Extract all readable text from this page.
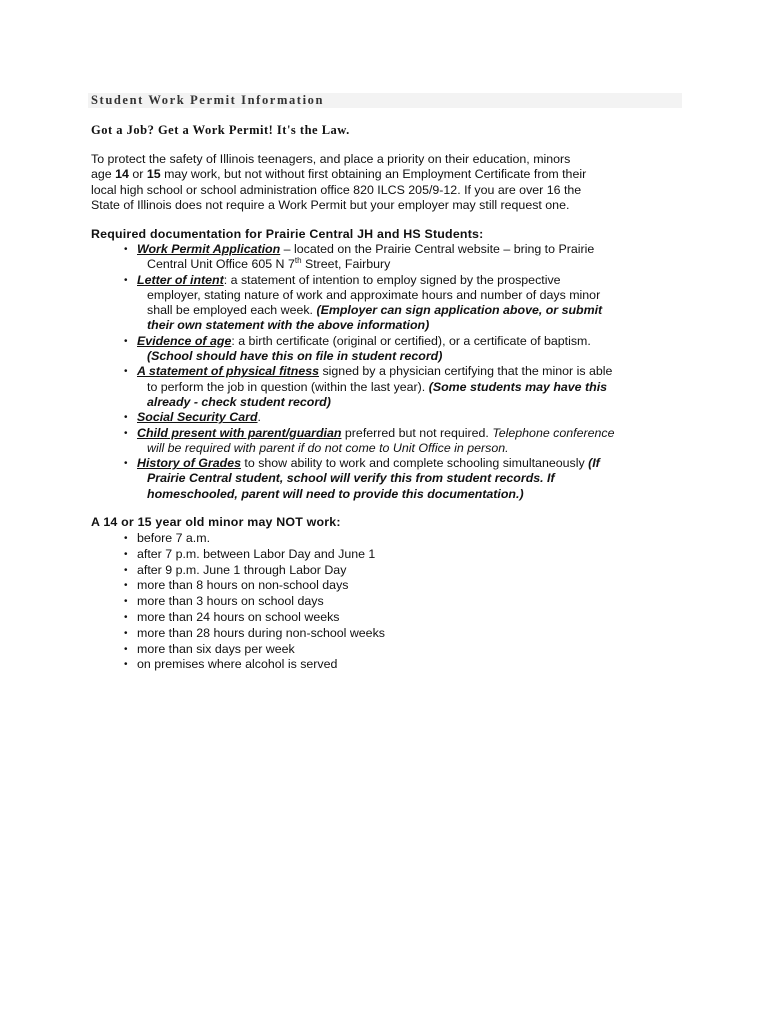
Student Work Permit Information
Got a Job? Get a Work Permit! It's the Law.
To protect the safety of Illinois teenagers, and place a priority on their education, minors
age 14 or 15 may work, but not without first obtaining an Employment Certificate from their
local high school or school administration office 820 ILCS 205/9-12. If you are over 16 the
State of Illinois does not require a Work Permit but your employer may still request one.
Required documentation for Prairie Central JH and HS Students:
• Work Permit Application – located on the Prairie Central website – bring to Prairie
Central Unit Office 605 N 7th Street, Fairbury
• Letter of intent: a statement of intention to employ signed by the prospective
employer, stating nature of work and approximate hours and number of days minor
shall be employed each week. (Employer can sign application above, or submit
their own statement with the above information)
• Evidence of age: a birth certificate (original or certified), or a certificate of baptism.
(School should have this on file in student record)
• A statement of physical fitness signed by a physician certifying that the minor is able
to perform the job in question (within the last year). (Some students may have this
already - check student record)
• Social Security Card.
• Child present with parent/guardian preferred but not required. Telephone conference
will be required with parent if do not come to Unit Office in person.
• History of Grades to show ability to work and complete schooling simultaneously (If
Prairie Central student, school will verify this from student records. If
homeschooled, parent will need to provide this documentation.)
A 14 or 15 year old minor may NOT work:
• before 7 a.m.
• after 7 p.m. between Labor Day and June 1
• after 9 p.m. June 1 through Labor Day
• more than 8 hours on non-school days
• more than 3 hours on school days
• more than 24 hours on school weeks
• more than 28 hours during non-school weeks
• more than six days per week
• on premises where alcohol is served
